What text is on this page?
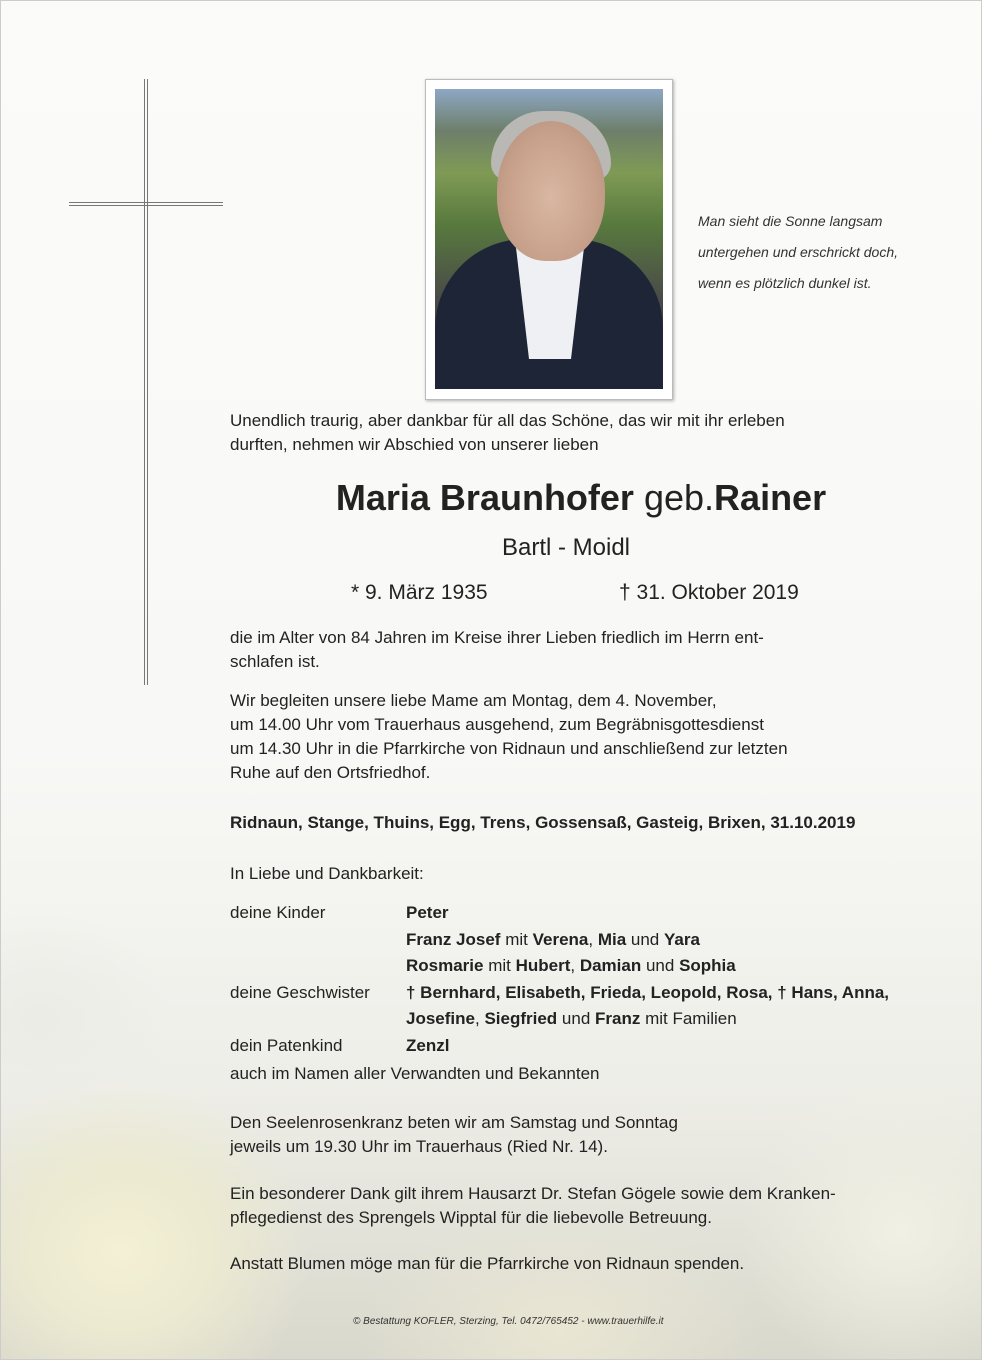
Man sieht die Sonne langsam
untergehen und erschrickt doch,
wenn es plötzlich dunkel ist.
Unendlich traurig, aber dankbar für all das Schöne, das wir mit ihr erleben
durften, nehmen wir Abschied von unserer lieben
Maria Braunhofer geb.Rainer
Bartl - Moidl
* 9. März 1935	† 31. Oktober 2019
die im Alter von 84 Jahren im Kreise ihrer Lieben friedlich im Herrn ent-
schlafen ist.
Wir begleiten unsere liebe Mame am Montag, dem 4. November,
um 14.00 Uhr vom Trauerhaus ausgehend, zum Begräbnisgottesdienst
um 14.30 Uhr in die Pfarrkirche von Ridnaun und anschließend zur letzten
Ruhe auf den Ortsfriedhof.
Ridnaun, Stange, Thuins, Egg, Trens, Gossensaß, Gasteig, Brixen, 31.10.2019
In Liebe und Dankbarkeit:
deine Kinder	Peter
Franz Josef mit Verena, Mia und Yara
Rosmarie mit Hubert, Damian und Sophia
deine Geschwister † Bernhard, Elisabeth, Frieda, Leopold, Rosa, † Hans, Anna,
Josefine, Siegfried und Franz mit Familien
dein Patenkind	Zenzl
auch im Namen aller Verwandten und Bekannten
Den Seelenrosenkranz beten wir am Samstag und Sonntag
jeweils um 19.30 Uhr im Trauerhaus (Ried Nr. 14).
Ein besonderer Dank gilt ihrem Hausarzt Dr. Stefan Gögele sowie dem Kranken-
pflegedienst des Sprengels Wipptal für die liebevolle Betreuung.
Anstatt Blumen möge man für die Pfarrkirche von Ridnaun spenden.
© Bestattung KOFLER, Sterzing, Tel. 0472/765452 - www.trauerhilfe.it
